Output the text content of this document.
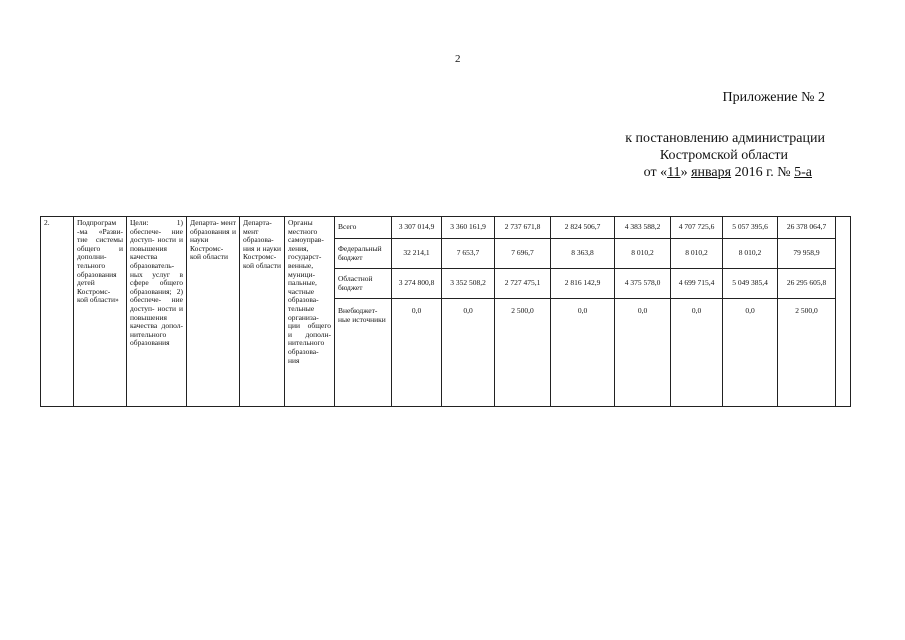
2
Приложение № 2
к постановлению администрации
Костромской области
от «11» января 2016 г. № 5-а
2.	Подпрограм -ма «Разви- тие системы общего и дополни- тельного образования детей Костромс- кой области»	Цели: 1) обеспече- ние доступ- ности и повышения качества образователь- ных услуг в сфере общего образования; 2) обеспече- ние доступ- ности и повышения качества допол- нительного образования	Департа- мент образования и науки Костромс- кой области	Департа- мент образова- ния и науки Костромс- кой области	Органы местного самоуправ- ления, государст- венные, муници- пальные, частные образова- тельные организа- ции общего и дополн- нительного образова- ния	Всего	3 307 014,9	3 360 161,9	2 737 671,8	2 824 506,7	4 383 588,2	4 707 725,6	5 057 395,6	26 378 064,7	
						Федеральный бюджет	32 214,1	7 653,7	7 696,7	8 363,8	8 010,2	8 010,2	8 010,2	79 958,9	
						Областной бюджет	3 274 800,8	3 352 508,2	2 727 475,1	2 816 142,9	4 375 578,0	4 699 715,4	5 049 385,4	26 295 605,8	
						Внебюджет- ные источники	0,0	0,0	2 500,0	0,0	0,0	0,0	0,0	2 500,0	
